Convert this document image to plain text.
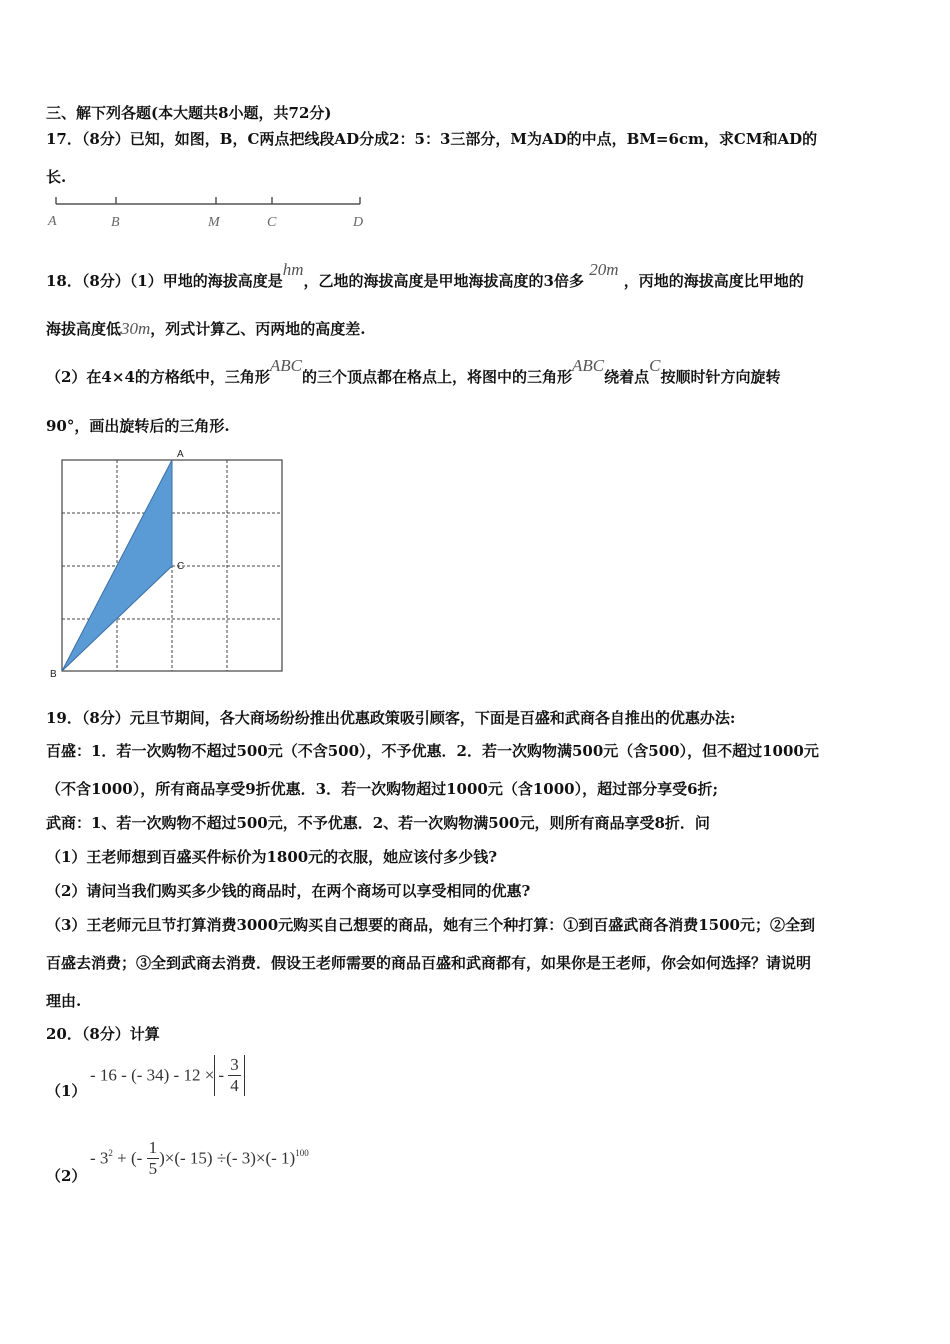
三、解下列各题(本大题共8小题，共72分)
17．（8分）已知，如图，B，C两点把线段AD分成2：5：3三部分，M为AD的中点，BM=6cm，求CM和AD的
长.
A	B	M	C	D
18．（8分）（1）甲地的海拔高度是hm，乙地的海拔高度是甲地海拔高度的3倍多 20m ，丙地的海拔高度比甲地的
海拔高度低30m，列式计算乙、丙两地的高度差.
（2）在4×4的方格纸中，三角形ABC的三个顶点都在格点上，将图中的三角形ABC绕着点C按顺时针方向旋转
90°，画出旋转后的三角形.
A
C
B
19．（8分）元旦节期间，各大商场纷纷推出优惠政策吸引顾客，下面是百盛和武商各自推出的优惠办法:
百盛：1．若一次购物不超过500元（不含500），不予优惠．2．若一次购物满500元（含500），但不超过1000元
（不含1000），所有商品享受9折优惠．3．若一次购物超过1000元（含1000），超过部分享受6折;
武商：1、若一次购物不超过500元，不予优惠．2、若一次购物满500元，则所有商品享受8折．问
（1）王老师想到百盛买件标价为1800元的衣服，她应该付多少钱?
（2）请问当我们购买多少钱的商品时，在两个商场可以享受相同的优惠?
（3）王老师元旦节打算消费3000元购买自己想要的商品，她有三个种打算：①到百盛武商各消费1500元；②全到
百盛去消费；③全到武商去消费．假设王老师需要的商品百盛和武商都有，如果你是王老师，你会如何选择？请说明
理由.
20．（8分）计算
（1）
- 16 - (- 34) - 12 × - $\frac{3}{4}$
（2）
- $3^2$ + (- $\frac{1}{5}$ )×(- 15) ÷(- 3)×(- 1)$^{100}$
